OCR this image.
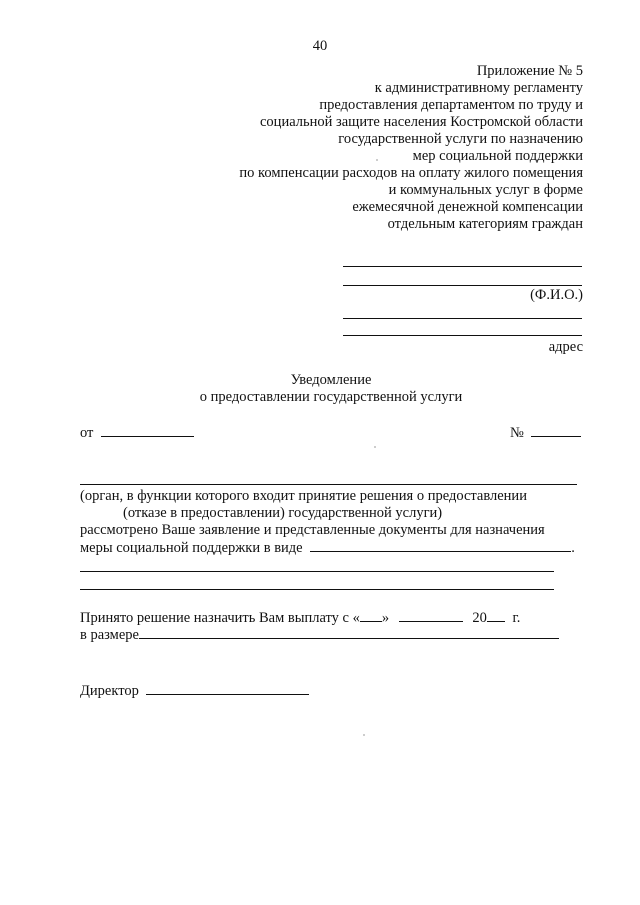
40
Приложение № 5
к административному регламенту
предоставления департаментом по труду и
социальной защите населения Костромской области
государственной услуги по назначению
мер социальной поддержки
по компенсации расходов на оплату жилого помещения
и коммунальных услуг в форме
ежемесячной денежной компенсации
отдельным категориям граждан
(Ф.И.О.)
адрес
Уведомление
о предоставлении государственной услуги
от	№
(орган, в функции которого входит принятие решения о предоставлении
(отказе в предоставлении) государственной услуги)
рассмотрено Ваше заявление и представленные документы для назначения
меры социальной поддержки в виде	.
Принято решение назначить Вам выплату с « »	20 г.
в размере
Директор
